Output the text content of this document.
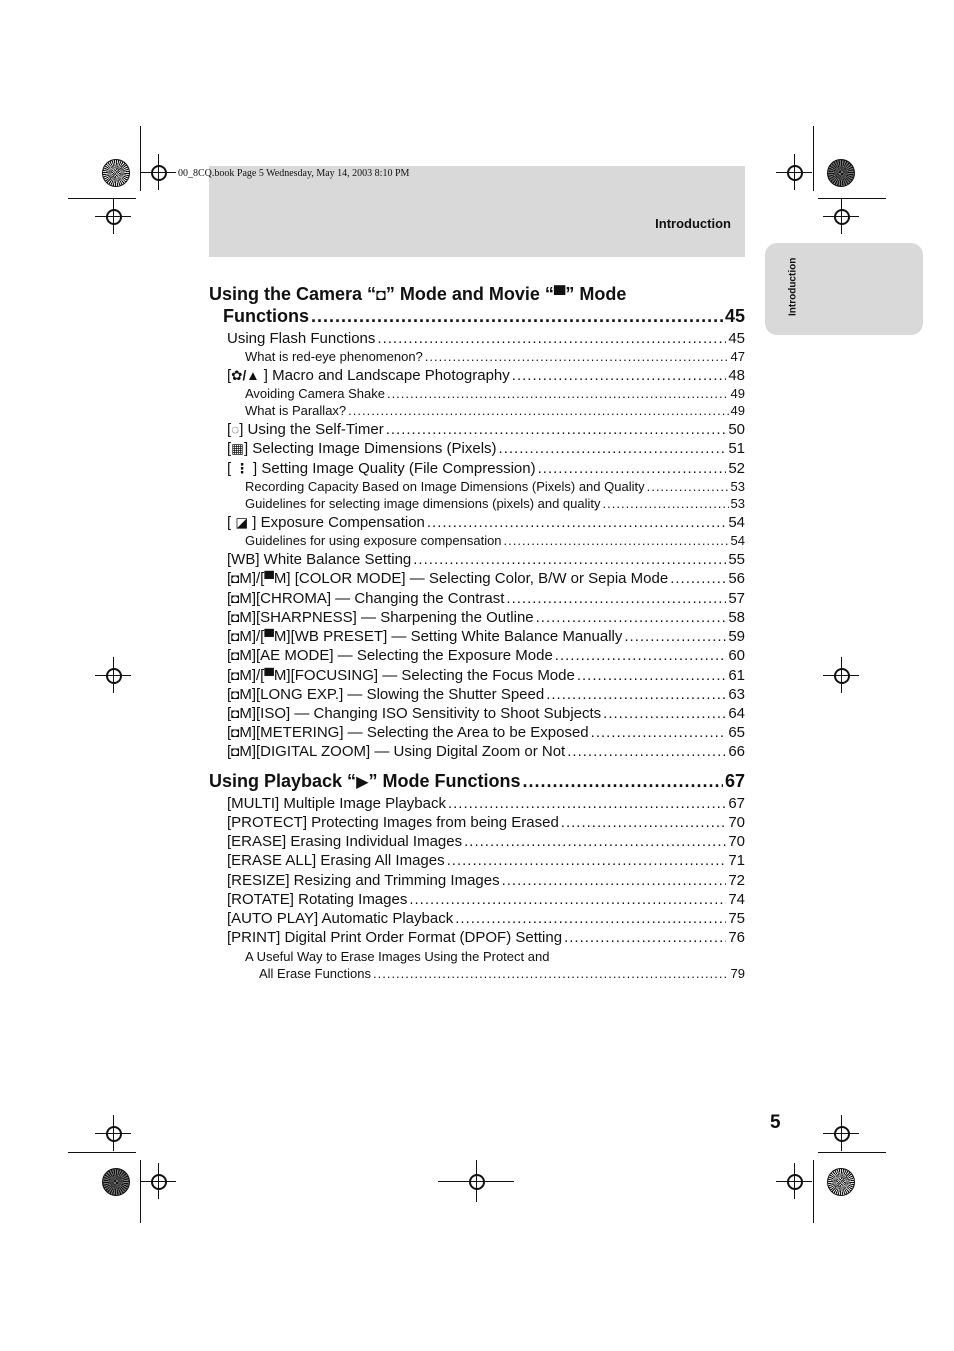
00_8CQ.book Page 5 Wednesday, May 14, 2003 8:10 PM
Introduction
Introduction
Using the Camera “◘” Mode and Movie “▀” Mode
Functions .....	45
Using Flash Functions .....	45
What is red-eye phenomenon? .....	47
[✿/▲ ] Macro and Landscape Photography .....	48
Avoiding Camera Shake .....	49
What is Parallax? .....	49
[◌] Using the Self-Timer .....	50
[▦] Selecting Image Dimensions (Pixels) .....	51
[ ⋮ ] Setting Image Quality (File Compression) .....	52
Recording Capacity Based on Image Dimensions (Pixels) and Quality .....	53
Guidelines for selecting image dimensions (pixels) and quality .....	53
[ ◪ ] Exposure Compensation .....	54
Guidelines for using exposure compensation .....	54
[WB] White Balance Setting .....	55
[◘M]/[▀M] [COLOR MODE] — Selecting Color, B/W or Sepia Mode .....	56
[◘M][CHROMA] — Changing the Contrast .....	57
[◘M][SHARPNESS] — Sharpening the Outline .....	58
[◘M]/[▀M][WB PRESET] — Setting White Balance Manually .....	59
[◘M][AE MODE] — Selecting the Exposure Mode .....	60
[◘M]/[▀M][FOCUSING] — Selecting the Focus Mode .....	61
[◘M][LONG EXP.] — Slowing the Shutter Speed .....	63
[◘M][ISO] — Changing ISO Sensitivity to Shoot Subjects .....	64
[◘M][METERING] — Selecting the Area to be Exposed .....	65
[◘M][DIGITAL ZOOM] — Using Digital Zoom or Not .....	66
Using Playback “▶” Mode Functions .....	67
[MULTI] Multiple Image Playback .....	67
[PROTECT] Protecting Images from being Erased .....	70
[ERASE] Erasing Individual Images .....	70
[ERASE ALL] Erasing All Images .....	71
[RESIZE] Resizing and Trimming Images .....	72
[ROTATE] Rotating Images .....	74
[AUTO PLAY] Automatic Playback .....	75
[PRINT] Digital Print Order Format (DPOF) Setting .....	76
A Useful Way to Erase Images Using the Protect and
All Erase Functions .....	79
5
